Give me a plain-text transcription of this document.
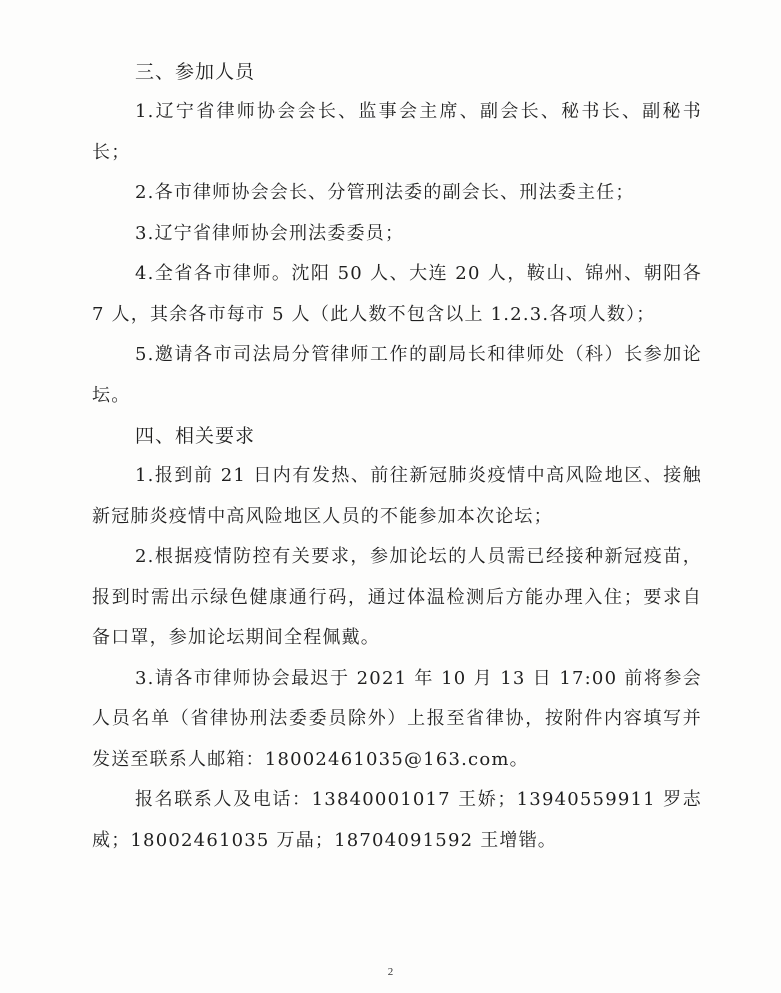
三、参加人员

1.辽宁省律师协会会长、监事会主席、副会长、秘书长、副秘书长；

2.各市律师协会会长、分管刑法委的副会长、刑法委主任；

3.辽宁省律师协会刑法委委员；

4.全省各市律师。沈阳 50 人、大连 20 人，鞍山、锦州、朝阳各 7 人，其余各市每市 5 人（此人数不包含以上 1.2.3.各项人数）；

5.邀请各市司法局分管律师工作的副局长和律师处（科）长参加论坛。

四、相关要求

1.报到前 21 日内有发热、前往新冠肺炎疫情中高风险地区、接触新冠肺炎疫情中高风险地区人员的不能参加本次论坛；

2.根据疫情防控有关要求，参加论坛的人员需已经接种新冠疫苗，报到时需出示绿色健康通行码，通过体温检测后方能办理入住；要求自备口罩，参加论坛期间全程佩戴。

3.请各市律师协会最迟于 2021 年 10 月 13 日 17:00 前将参会人员名单（省律协刑法委委员除外）上报至省律协，按附件内容填写并发送至联系人邮箱：18002461035@163.com。

报名联系人及电话：13840001017 王娇；13940559911 罗志威；18002461035 万晶；18704091592 王增锴。

2
